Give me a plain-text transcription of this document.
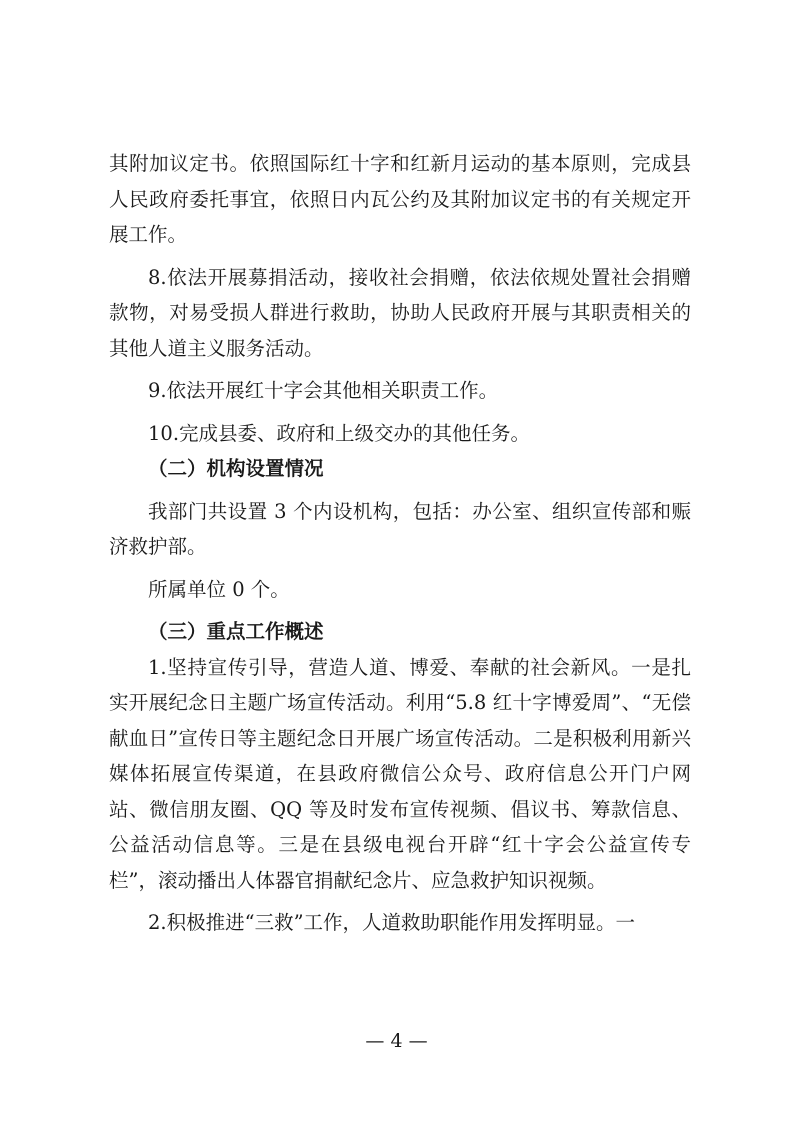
其附加议定书。依照国际红十字和红新月运动的基本原则，完成县人民政府委托事宜，依照日内瓦公约及其附加议定书的有关规定开展工作。

8.依法开展募捐活动，接收社会捐赠，依法依规处置社会捐赠款物，对易受损人群进行救助，协助人民政府开展与其职责相关的其他人道主义服务活动。

9.依法开展红十字会其他相关职责工作。

10.完成县委、政府和上级交办的其他任务。

（二）机构设置情况

我部门共设置 3 个内设机构，包括：办公室、组织宣传部和赈济救护部。

所属单位 0 个。

（三）重点工作概述

1.坚持宣传引导，营造人道、博爱、奉献的社会新风。一是扎实开展纪念日主题广场宣传活动。利用“5.8 红十字博爱周”、“无偿献血日”宣传日等主题纪念日开展广场宣传活动。二是积极利用新兴媒体拓展宣传渠道，在县政府微信公众号、政府信息公开门户网站、微信朋友圈、QQ 等及时发布宣传视频、倡议书、筹款信息、公益活动信息等。三是在县级电视台开辟“红十字会公益宣传专栏”，滚动播出人体器官捐献纪念片、应急救护知识视频。

2.积极推进“三救”工作，人道救助职能作用发挥明显。一

— 4 —
